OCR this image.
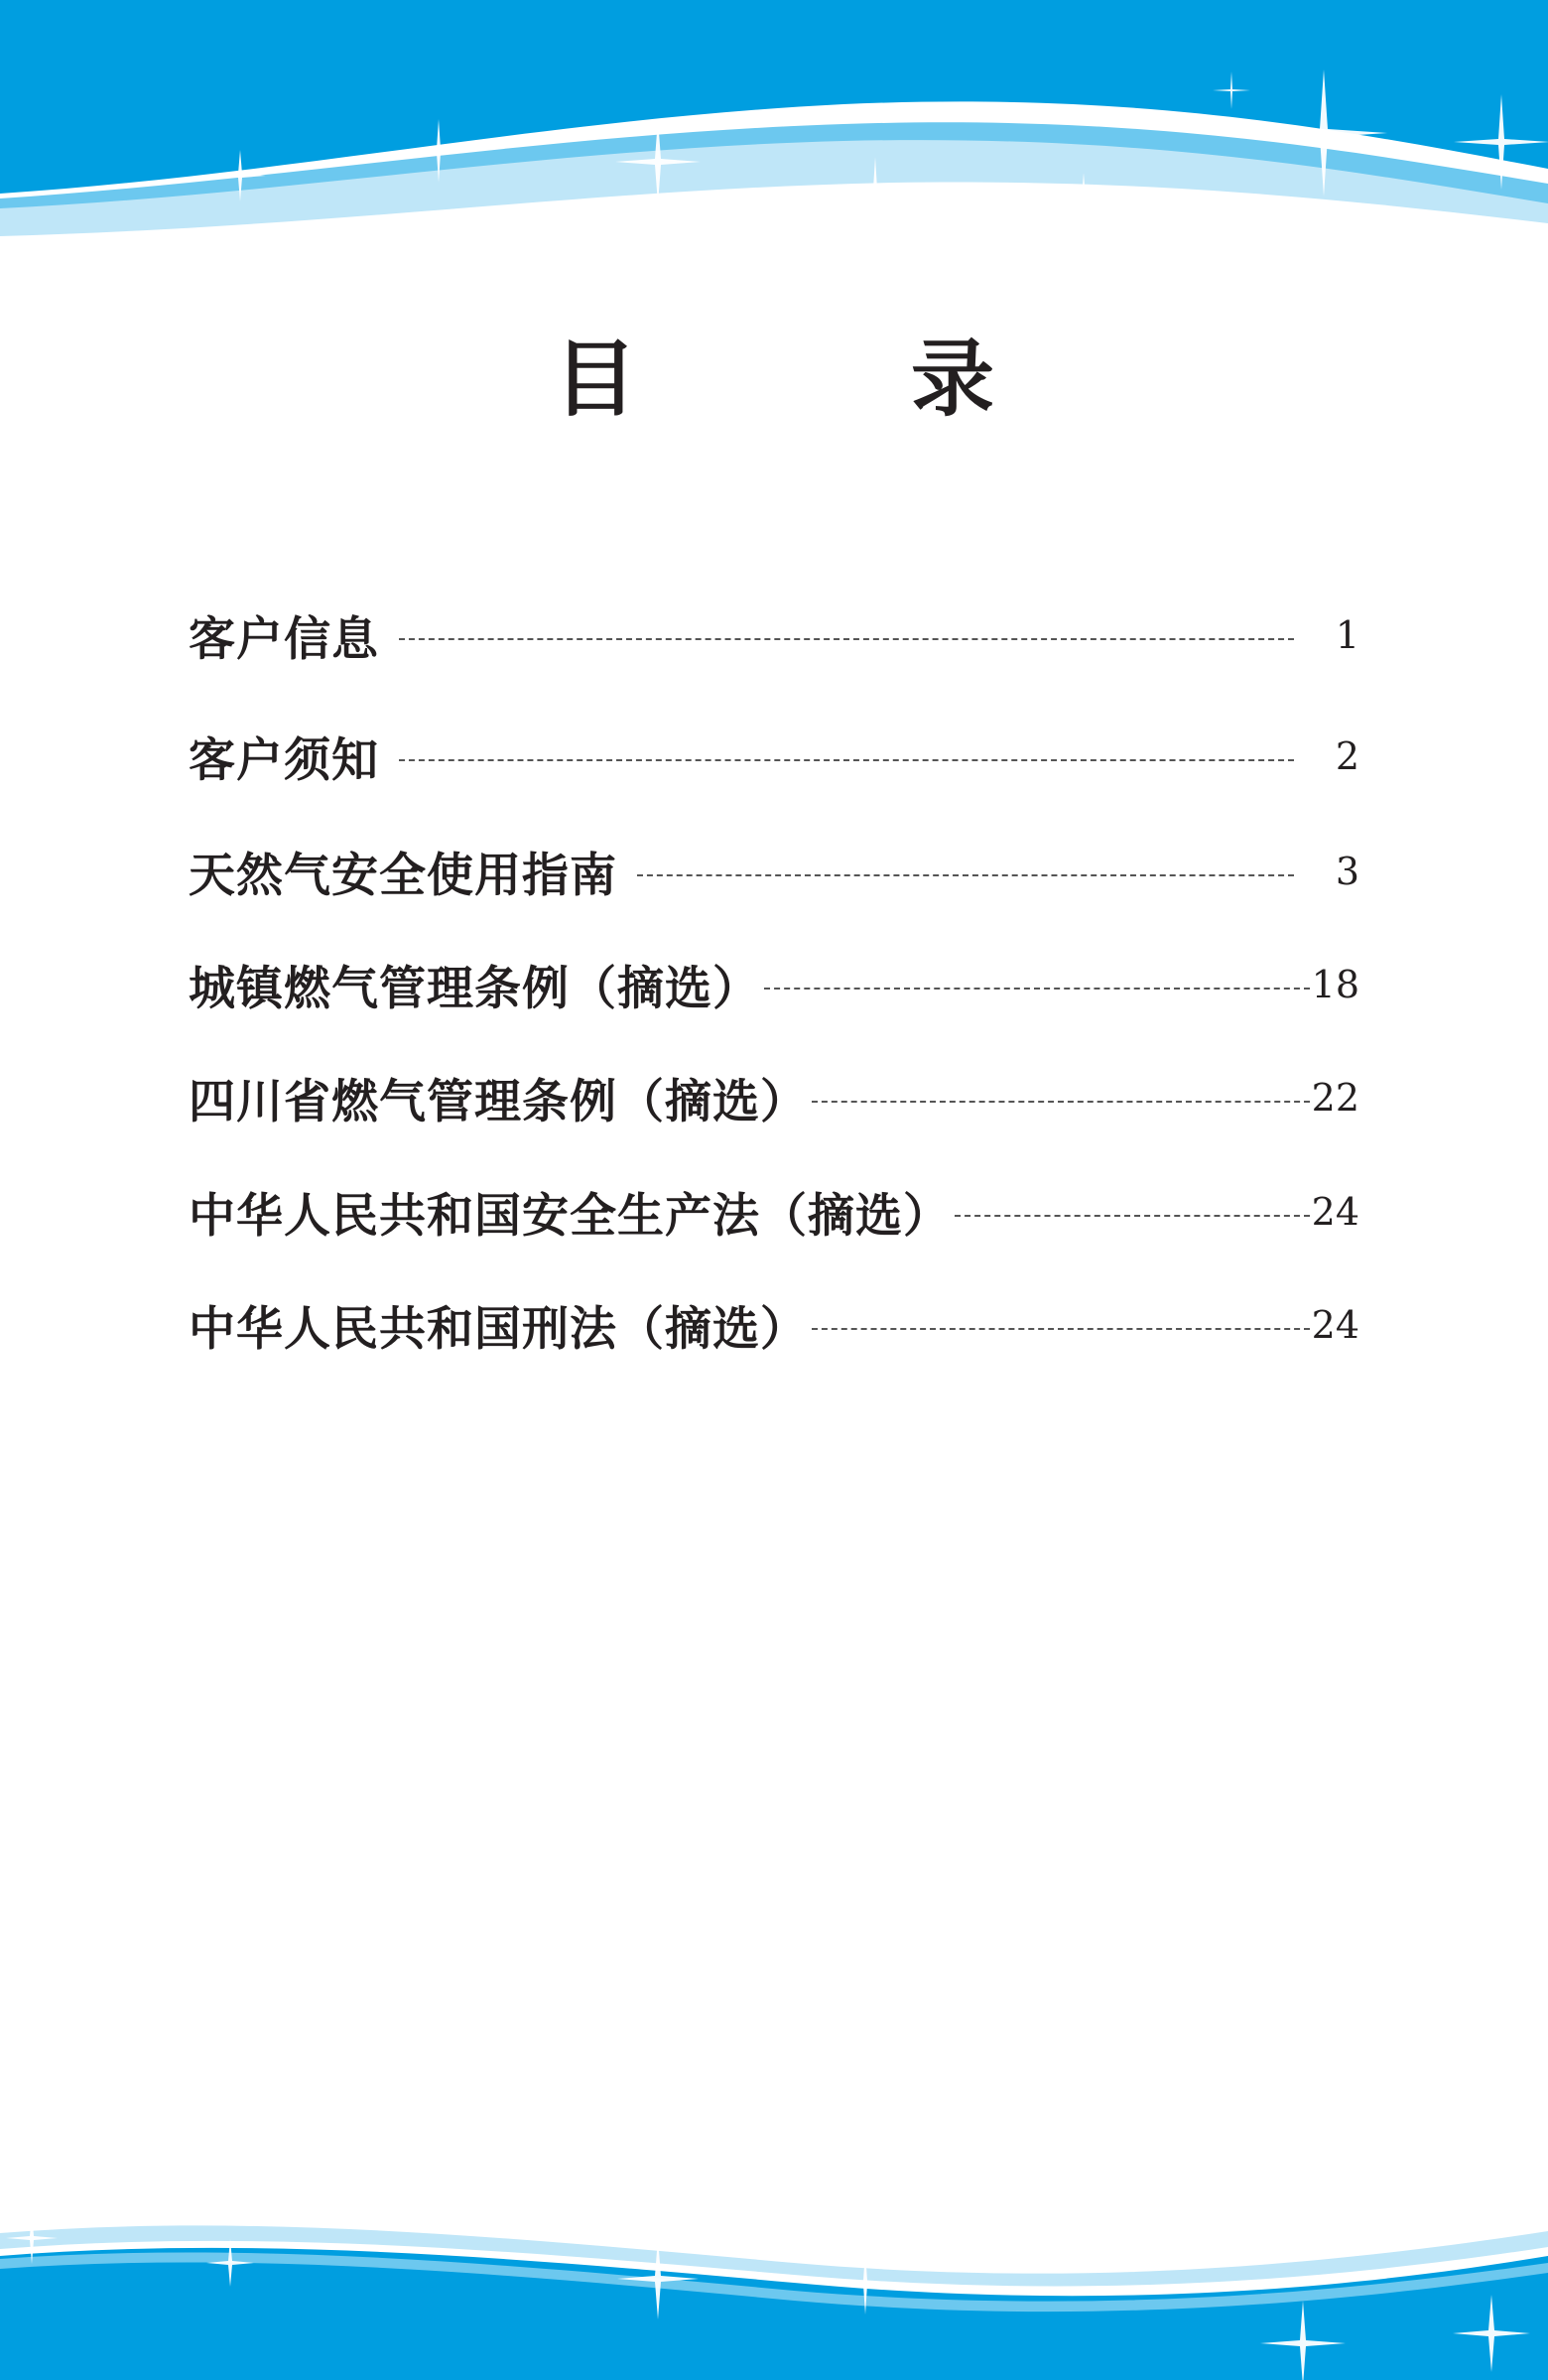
目　录
客户信息	1
客户须知	2
天然气安全使用指南	3
城镇燃气管理条例（摘选）	18
四川省燃气管理条例（摘选）	22
中华人民共和国安全生产法（摘选）	24
中华人民共和国刑法（摘选）	24
